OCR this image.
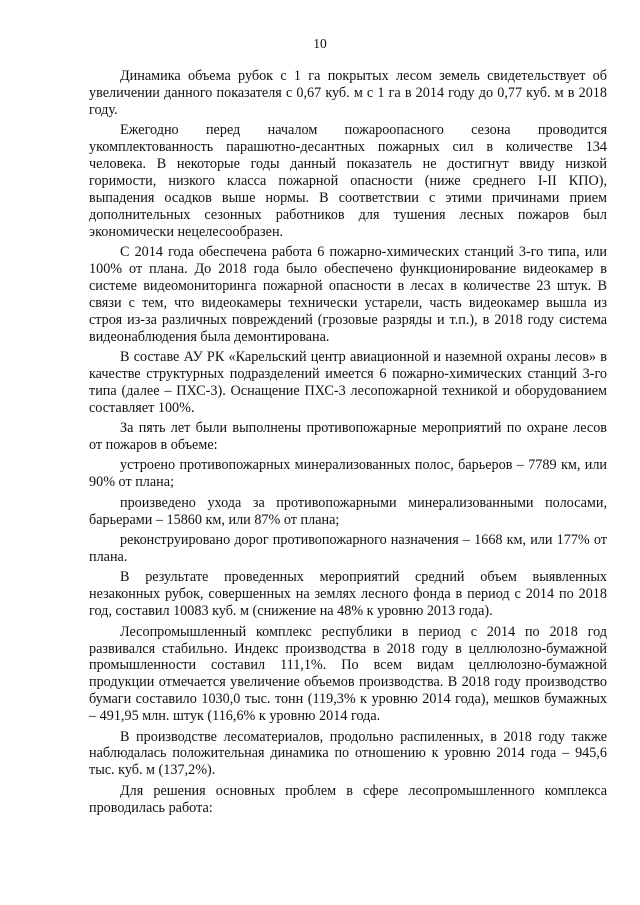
10

Динамика объема рубок с 1 га покрытых лесом земель свидетельствует об увеличении данного показателя с 0,67 куб. м с 1 га в 2014 году до 0,77 куб. м в 2018 году.

Ежегодно перед началом пожароопасного сезона проводится укомплектованность парашютно-десантных пожарных сил в количестве 134 человека. В некоторые годы данный показатель не достигнут ввиду низкой горимости, низкого класса пожарной опасности (ниже среднего I-II КПО), выпадения осадков выше нормы. В соответствии с этими причинами прием дополнительных сезонных работников для тушения лесных пожаров был экономически нецелесообразен.

С 2014 года обеспечена работа 6 пожарно-химических станций 3-го типа, или 100% от плана. До 2018 года было обеспечено функционирование видеокамер в системе видеомониторинга пожарной опасности в лесах в количестве 23 штук. В связи с тем, что видеокамеры технически устарели, часть видеокамер вышла из строя из-за различных повреждений (грозовые разряды и т.п.), в 2018 году система видеонаблюдения была демонтирована.

В составе АУ РК «Карельский центр авиационной и наземной охраны лесов» в качестве структурных подразделений имеется 6 пожарно-химических станций 3-го типа (далее – ПХС-3). Оснащение ПХС-3 лесопожарной техникой и оборудованием составляет 100%.

За пять лет были выполнены противопожарные мероприятий по охране лесов от пожаров в объеме:

устроено противопожарных минерализованных полос, барьеров – 7789 км, или 90% от плана;

произведено ухода за противопожарными минерализованными полосами, барьерами – 15860 км, или 87% от плана;

реконструировано дорог противопожарного назначения – 1668 км, или 177% от плана.

В результате проведенных мероприятий средний объем выявленных незаконных рубок, совершенных на землях лесного фонда в период с 2014 по 2018 год, составил 10083 куб. м (снижение на 48% к уровню 2013 года).

Лесопромышленный комплекс республики в период с 2014 по 2018 год развивался стабильно. Индекс производства в 2018 году в целлюлозно-бумажной промышленности составил 111,1%. По всем видам целлюлозно-бумажной продукции отмечается увеличение объемов производства. В 2018 году производство бумаги составило 1030,0 тыс. тонн (119,3% к уровню 2014 года), мешков бумажных – 491,95 млн. штук (116,6% к уровню 2014 года.

В производстве лесоматериалов, продольно распиленных, в 2018 году также наблюдалась положительная динамика по отношению к уровню 2014 года – 945,6 тыс. куб. м (137,2%).

Для решения основных проблем в сфере лесопромышленного комплекса проводилась работа:
